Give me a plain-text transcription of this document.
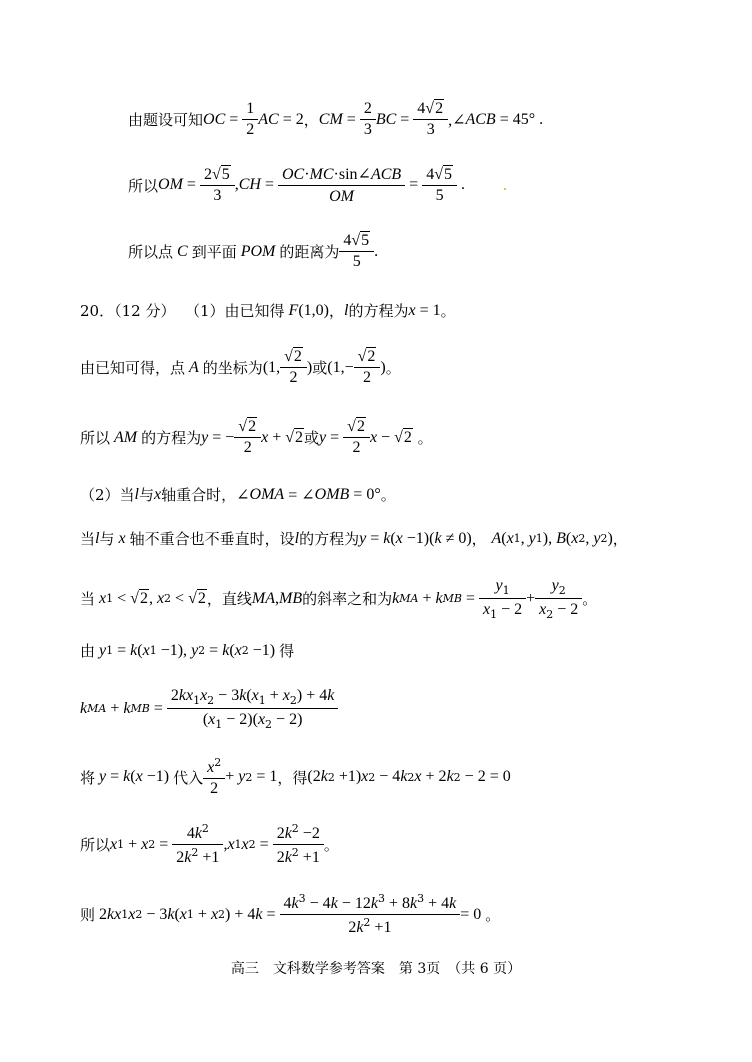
由题设可知 OC = $\frac{1}{2}$ AC = 2 ， CM = $\frac{2}{3}$ BC = $\frac{4√2}{3}$ ,∠ ACB = 45° .
所以 OM = $\frac{2√5}{3}$ , CH = $\frac{\text{OC·MC·sin∠ACB}}{OM} = \frac{4√5}{5}$ .
所以点 C 到平面 POM 的距离为 $\frac{4√5}{5}$ .
20．（12 分）
（1）由已知得 F (1,0) ， l 的方程为 x = 1 。
由已知可得，点 A 的坐标为 (1, $\frac{√2}{2}$ ) 或 ($1,- \frac{√2}{2}$ ) 。
所以 AM 的方程为 y = − $\frac{√2}{2}$ x + √2 或 $y = \frac{√2}{2}$ x − √2 。
（2）当 l 与 x 轴重合时， ∠ OMA = ∠ OMB = 0° 。
当 l 与 x 轴不重合也不垂直时，设 l 的方程为 y = k ( x −1)( k ≠ 0) ， A ( x 1 , y 1 ), B ( x 2 , y 2 ) ，
当 x 1 < √2, x 2 < √2 ，直线 MA , MB 的斜率之和为 k MA + k MB = $\frac{y_1}{x_1 - 2} + \frac{y_2}{x_2 - 2}$ 。
由 y 1 = k ( x 1 −1), y 2 = k ( x 2 −1) 得
k MA + k MB = $\frac{2kx_1x_2 - 3k(x_1 + x_2) + 4k}{(x_1 - 2)(x_2 - 2)}$
将 y = k ( x −1) 代入 $\frac{x^2}{2} + y$ 2 = 1 ，得 (2 k 2 +1) x 2 − 4 k 2 x + 2 k 2 − 2 = 0
所以 x 1 + x $2 = \frac{4k^2}{2k^2 +1}$ , x 1 x $2 = \frac{2k^2 -2}{2k^2 +1}$ 。
则 2 kx 1 x 2 − 3 k ( x 1 + x 2 ) + 4 $k = \frac{4k^3 - 4k - 12k^3 + 8k^3 + 4k}{2k^2 +1} = 0$ 。
高三　文科数学参考答案　第 3页　（共 6 页）
